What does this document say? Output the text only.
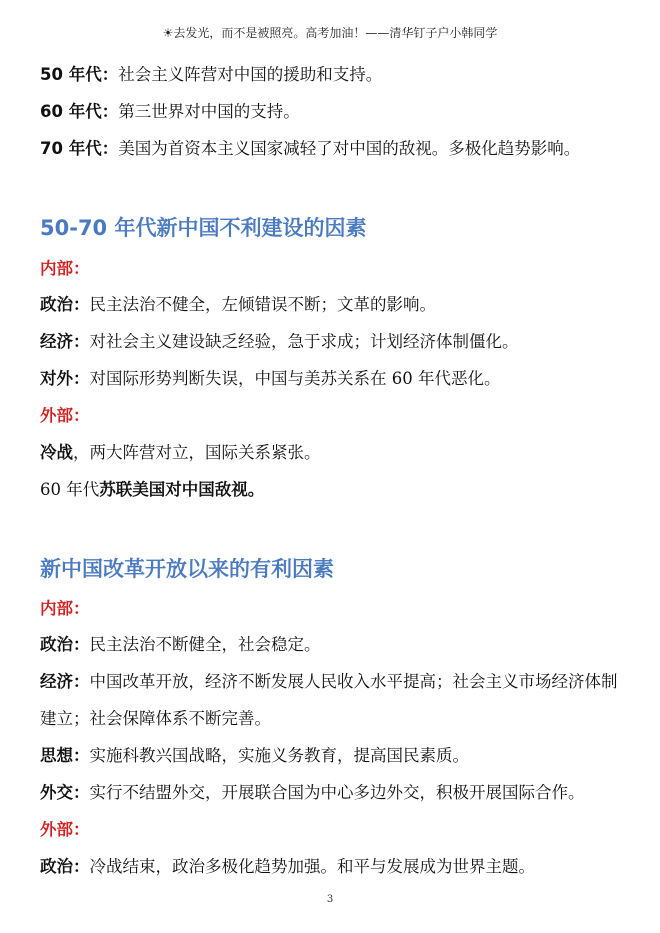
☀去发光，而不是被照亮。高考加油！——清华钉子户小韩同学
50 年代：社会主义阵营对中国的援助和支持。
60 年代：第三世界对中国的支持。
70 年代：美国为首资本主义国家减轻了对中国的敌视。多极化趋势影响。
50-70 年代新中国不利建设的因素
内部：
政治：民主法治不健全，左倾错误不断；文革的影响。
经济：对社会主义建设缺乏经验，急于求成；计划经济体制僵化。
对外：对国际形势判断失误，中国与美苏关系在 60 年代恶化。
外部：
冷战，两大阵营对立，国际关系紧张。
60 年代苏联美国对中国敌视。
新中国改革开放以来的有利因素
内部：
政治：民主法治不断健全，社会稳定。
经济：中国改革开放，经济不断发展人民收入水平提高；社会主义市场经济体制
建立；社会保障体系不断完善。
思想：实施科教兴国战略，实施义务教育，提高国民素质。
外交：实行不结盟外交，开展联合国为中心多边外交，积极开展国际合作。
外部：
政治：冷战结束，政治多极化趋势加强。和平与发展成为世界主题。
3
